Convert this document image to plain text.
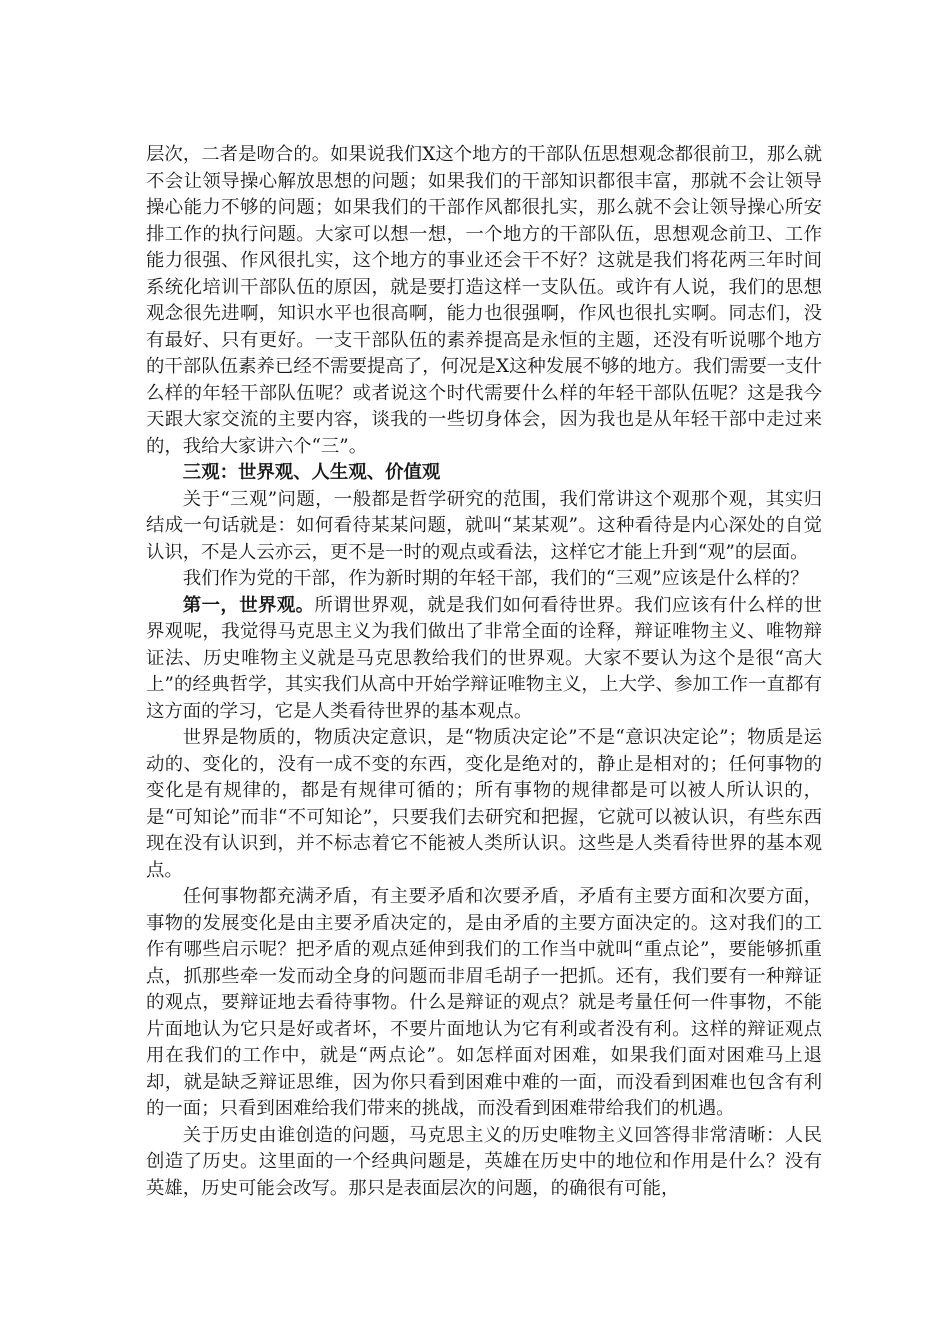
层次，二者是吻合的。如果说我们X这个地方的干部队伍思想观念都很前卫，那么就不会让领导操心解放思想的问题；如果我们的干部知识都很丰富，那就不会让领导操心能力不够的问题；如果我们的干部作风都很扎实，那么就不会让领导操心所安排工作的执行问题。大家可以想一想，一个地方的干部队伍，思想观念前卫、工作能力很强、作风很扎实，这个地方的事业还会干不好？这就是我们将花两三年时间系统化培训干部队伍的原因，就是要打造这样一支队伍。或许有人说，我们的思想观念很先进啊，知识水平也很高啊，能力也很强啊，作风也很扎实啊。同志们，没有最好、只有更好。一支干部队伍的素养提高是永恒的主题，还没有听说哪个地方的干部队伍素养已经不需要提高了，何况是X这种发展不够的地方。我们需要一支什么样的年轻干部队伍呢？或者说这个时代需要什么样的年轻干部队伍呢？这是我今天跟大家交流的主要内容，谈我的一些切身体会，因为我也是从年轻干部中走过来的，我给大家讲六个“三”。

三观：世界观、人生观、价值观

关于“三观”问题，一般都是哲学研究的范围，我们常讲这个观那个观，其实归结成一句话就是：如何看待某某问题，就叫“某某观”。这种看待是内心深处的自觉认识，不是人云亦云，更不是一时的观点或看法，这样它才能上升到“观”的层面。

我们作为党的干部，作为新时期的年轻干部，我们的“三观”应该是什么样的？

第一，世界观。所谓世界观，就是我们如何看待世界。我们应该有什么样的世界观呢，我觉得马克思主义为我们做出了非常全面的诠释，辩证唯物主义、唯物辩证法、历史唯物主义就是马克思教给我们的世界观。大家不要认为这个是很“高大上”的经典哲学，其实我们从高中开始学辩证唯物主义，上大学、参加工作一直都有这方面的学习，它是人类看待世界的基本观点。

世界是物质的，物质决定意识，是“物质决定论”不是“意识决定论”；物质是运动的、变化的，没有一成不变的东西，变化是绝对的，静止是相对的；任何事物的变化是有规律的，都是有规律可循的；所有事物的规律都是可以被人所认识的，是“可知论”而非“不可知论”，只要我们去研究和把握，它就可以被认识，有些东西现在没有认识到，并不标志着它不能被人类所认识。这些是人类看待世界的基本观点。

任何事物都充满矛盾，有主要矛盾和次要矛盾，矛盾有主要方面和次要方面，事物的发展变化是由主要矛盾决定的，是由矛盾的主要方面决定的。这对我们的工作有哪些启示呢？把矛盾的观点延伸到我们的工作当中就叫“重点论”，要能够抓重点，抓那些牵一发而动全身的问题而非眉毛胡子一把抓。还有，我们要有一种辩证的观点，要辩证地去看待事物。什么是辩证的观点？就是考量任何一件事物，不能片面地认为它只是好或者坏，不要片面地认为它有利或者没有利。这样的辩证观点用在我们的工作中，就是“两点论”。如怎样面对困难，如果我们面对困难马上退却，就是缺乏辩证思维，因为你只看到困难中难的一面，而没看到困难也包含有利的一面；只看到困难给我们带来的挑战，而没看到困难带给我们的机遇。

关于历史由谁创造的问题，马克思主义的历史唯物主义回答得非常清晰：人民创造了历史。这里面的一个经典问题是，英雄在历史中的地位和作用是什么？没有英雄，历史可能会改写。那只是表面层次的问题，的确很有可能，
